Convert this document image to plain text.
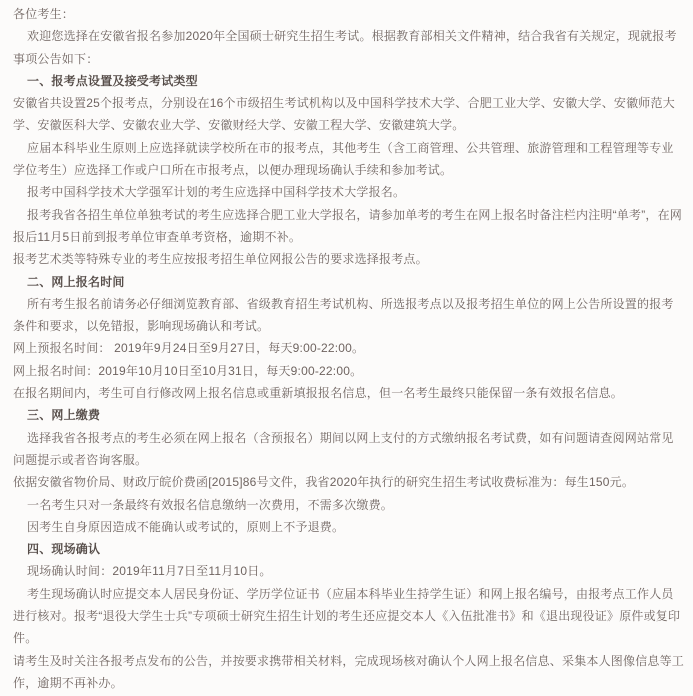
各位考生：
欢迎您选择在安徽省报名参加2020年全国硕士研究生招生考试。根据教育部相关文件精神，结合我省有关规定，现就报考
事项公告如下：
一、报考点设置及接受考试类型
安徽省共设置25个报考点，分别设在16个市级招生考试机构以及中国科学技术大学、合肥工业大学、安徽大学、安徽师范大
学、安徽医科大学、安徽农业大学、安徽财经大学、安徽工程大学、安徽建筑大学。
应届本科毕业生原则上应选择就读学校所在市的报考点，其他考生（含工商管理、公共管理、旅游管理和工程管理等专业
学位考生）应选择工作或户口所在市报考点，以便办理现场确认手续和参加考试。
报考中国科学技术大学强军计划的考生应选择中国科学技术大学报名。
报考我省各招生单位单独考试的考生应选择合肥工业大学报名，请参加单考的考生在网上报名时备注栏内注明“单考”，在网
报后11月5日前到报考单位审查单考资格，逾期不补。
报考艺术类等特殊专业的考生应按报考招生单位网报公告的要求选择报考点。
二、网上报名时间
所有考生报名前请务必仔细浏览教育部、省级教育招生考试机构、所选报考点以及报考招生单位的网上公告所设置的报考
条件和要求，以免错报，影响现场确认和考试。
网上预报名时间： 2019年9月24日至9月27日，每天9:00-22:00。
网上报名时间：2019年10月10日至10月31日，每天9:00-22:00。
在报名期间内，考生可自行修改网上报名信息或重新填报报名信息，但一名考生最终只能保留一条有效报名信息。
三、网上缴费
选择我省各报考点的考生必须在网上报名（含预报名）期间以网上支付的方式缴纳报名考试费，如有问题请查阅网站常见
问题提示或者咨询客服。
依据安徽省物价局、财政厅皖价费函[2015]86号文件，我省2020年执行的研究生招生考试收费标准为：每生150元。
一名考生只对一条最终有效报名信息缴纳一次费用，不需多次缴费。
因考生自身原因造成不能确认或考试的，原则上不予退费。
四、现场确认
现场确认时间：2019年11月7日至11月10日。
考生现场确认时应提交本人居民身份证、学历学位证书（应届本科毕业生持学生证）和网上报名编号，由报考点工作人员
进行核对。报考“退役大学生士兵”专项硕士研究生招生计划的考生还应提交本人《入伍批准书》和《退出现役证》原件或复印
件。
请考生及时关注各报考点发布的公告，并按要求携带相关材料，完成现场核对确认个人网上报名信息、采集本人图像信息等工
作，逾期不再补办。
